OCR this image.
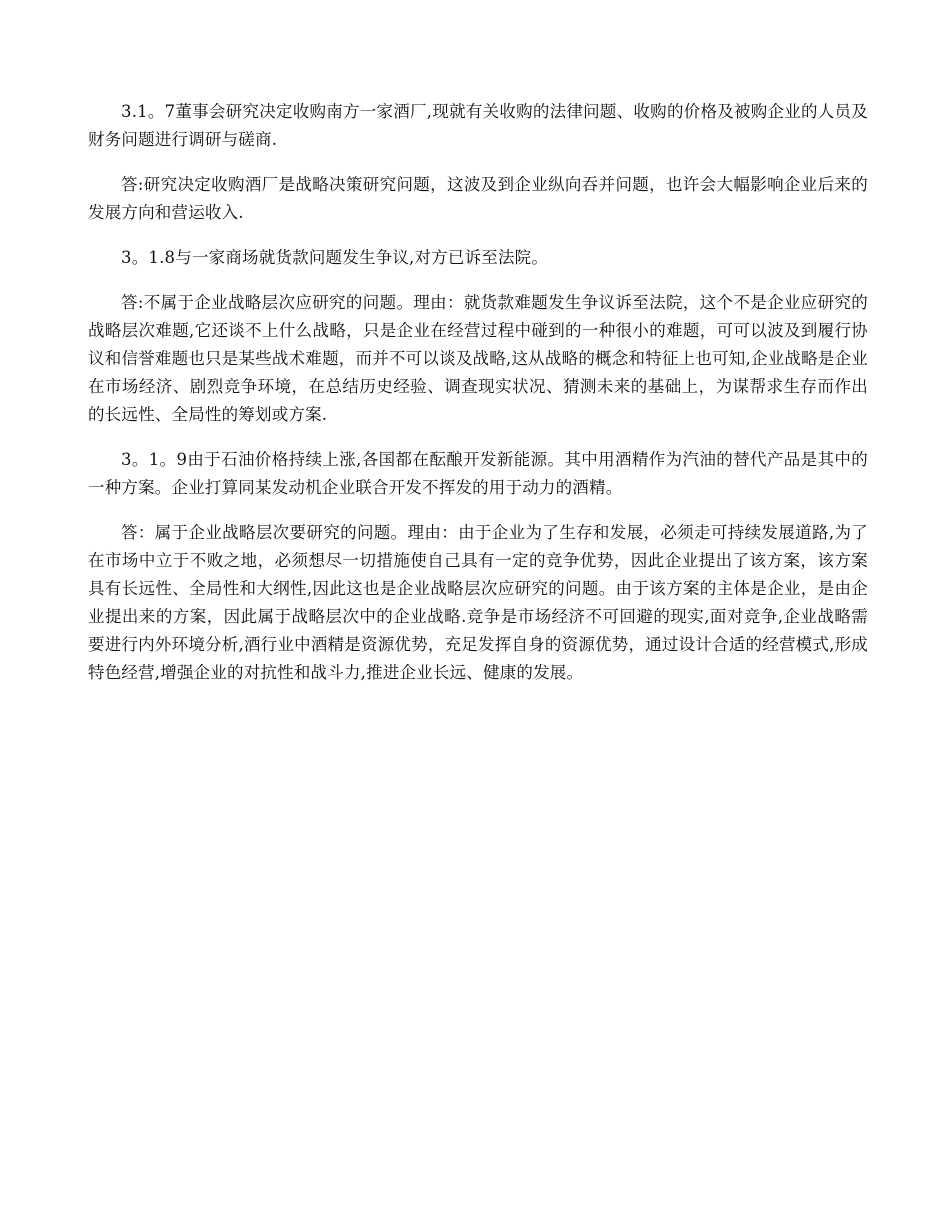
3.1。7董事会研究决定收购南方一家酒厂,现就有关收购的法律问题、收购的价格及被购企业的人员及财务问题进行调研与磋商.

答:研究决定收购酒厂是战略决策研究问题，这波及到企业纵向吞并问题，也许会大幅影响企业后来的发展方向和营运收入.

3。1.8与一家商场就货款问题发生争议,对方已诉至法院。

答:不属于企业战略层次应研究的问题。理由：就货款难题发生争议诉至法院，这个不是企业应研究的战略层次难题,它还谈不上什么战略，只是企业在经营过程中碰到的一种很小的难题，可可以波及到履行协议和信誉难题也只是某些战术难题，而并不可以谈及战略,这从战略的概念和特征上也可知,企业战略是企业在市场经济、剧烈竞争环境，在总结历史经验、调查现实状况、猜测未来的基础上，为谋帮求生存而作出的长远性、全局性的筹划或方案.

3。1。9由于石油价格持续上涨,各国都在酝酿开发新能源。其中用酒精作为汽油的替代产品是其中的一种方案。企业打算同某发动机企业联合开发不挥发的用于动力的酒精。

答：属于企业战略层次要研究的问题。理由：由于企业为了生存和发展，必须走可持续发展道路,为了在市场中立于不败之地，必须想尽一切措施使自己具有一定的竞争优势，因此企业提出了该方案，该方案具有长远性、全局性和大纲性,因此这也是企业战略层次应研究的问题。由于该方案的主体是企业，是由企业提出来的方案，因此属于战略层次中的企业战略.竞争是市场经济不可回避的现实,面对竞争,企业战略需要进行内外环境分析,酒行业中酒精是资源优势，充足发挥自身的资源优势，通过设计合适的经营模式,形成特色经营,增强企业的对抗性和战斗力,推进企业长远、健康的发展。
